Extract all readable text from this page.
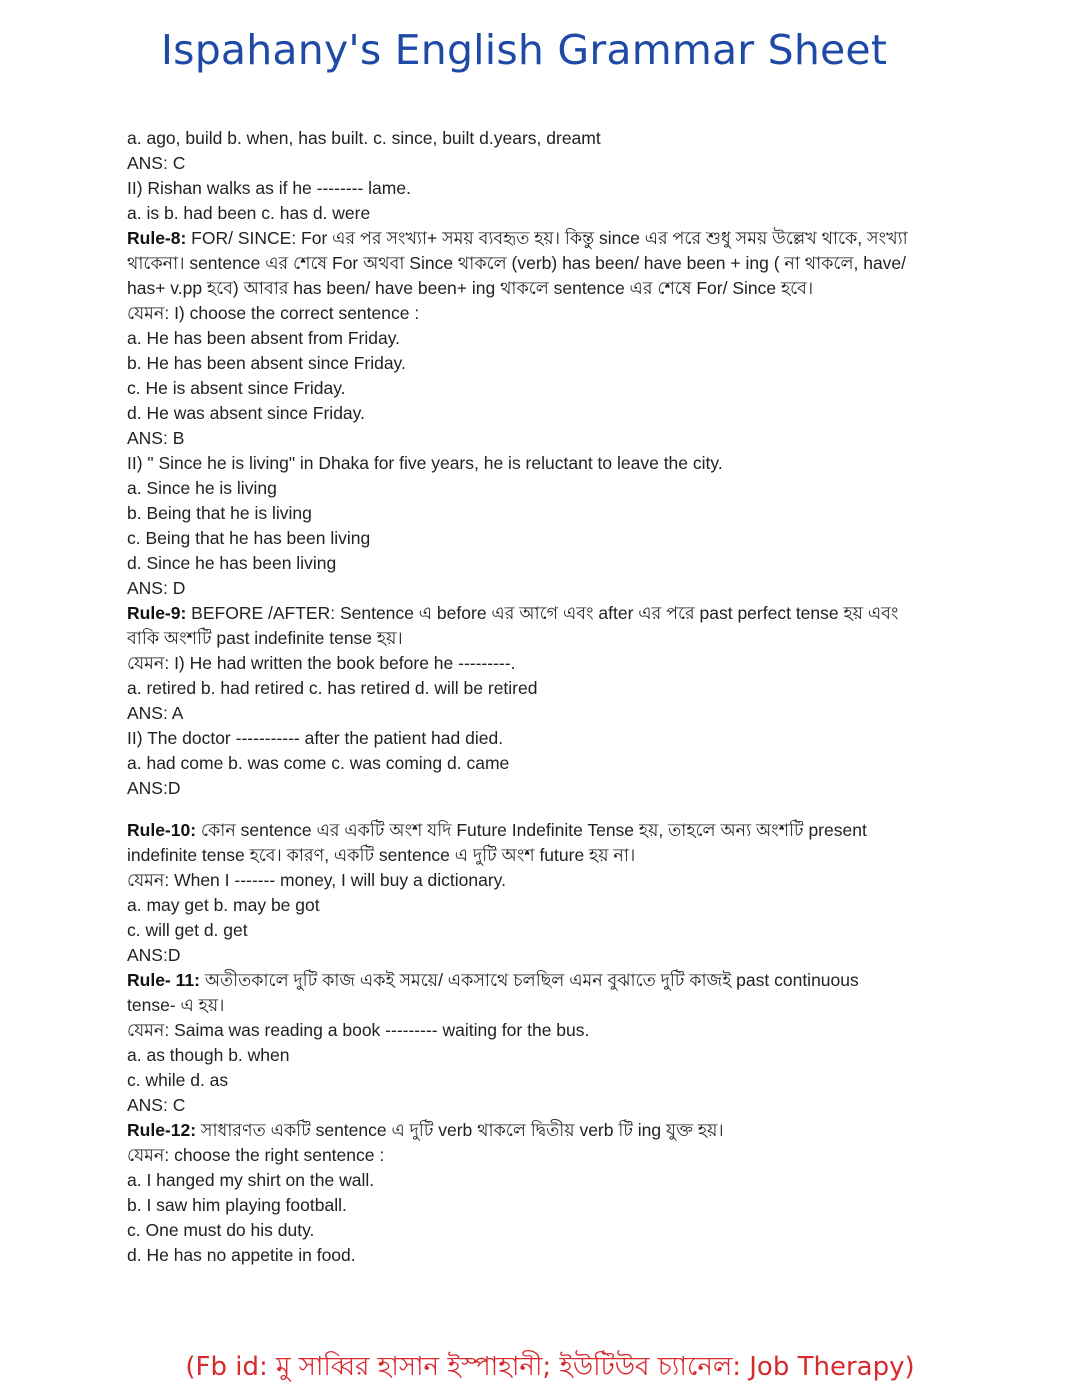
Ispahany's English Grammar Sheet
a. ago, build b. when, has built. c. since, built d.years, dreamt
ANS: C
II) Rishan walks as if he -------- lame.
a. is b. had been c. has d. were
Rule-8: FOR/ SINCE: For এর পর সংখ্যা+ সময় ব্যবহৃত হয়। কিন্তু since এর পরে শুধু সময় উল্লেখ থাকে, সংখ্যা
থাকেনা। sentence এর শেষে For অথবা Since থাকলে (verb) has been/ have been + ing ( না থাকলে, have/
has+ v.pp হবে) আবার has been/ have been+ ing থাকলে sentence এর শেষে For/ Since হবে।
যেমন: I) choose the correct sentence :
a. He has been absent from Friday.
b. He has been absent since Friday.
c. He is absent since Friday.
d. He was absent since Friday.
ANS: B
II) " Since he is living" in Dhaka for five years, he is reluctant to leave the city.
a. Since he is living
b. Being that he is living
c. Being that he has been living
d. Since he has been living
ANS: D
Rule-9: BEFORE /AFTER: Sentence এ before এর আগে এবং after এর পরে past perfect tense হয় এবং
বাকি অংশটি past indefinite tense হয়।
যেমন: I) He had written the book before he ---------.
a. retired b. had retired c. has retired d. will be retired
ANS: A
II) The doctor ----------- after the patient had died.
a. had come b. was come c. was coming d. came
ANS:D
Rule-10: কোন sentence এর একটি অংশ যদি Future Indefinite Tense হয়, তাহলে অন্য অংশটি present
indefinite tense হবে। কারণ, একটি sentence এ দুটি অংশ future হয় না।
যেমন: When I ------- money, I will buy a dictionary.
a. may get b. may be got
c. will get d. get
ANS:D
Rule- 11: অতীতকালে দুটি কাজ একই সময়ে/ একসাথে চলছিল এমন বুঝাতে দুটি কাজই past continuous
tense- এ হয়।
যেমন: Saima was reading a book --------- waiting for the bus.
a. as though b. when
c. while d. as
ANS: C
Rule-12: সাধারণত একটি sentence এ দুটি verb থাকলে দ্বিতীয় verb টি ing যুক্ত হয়।
যেমন: choose the right sentence :
a. I hanged my shirt on the wall.
b. I saw him playing football.
c. One must do his duty.
d. He has no appetite in food.
(Fb id: মু সাব্বির হাসান ইস্পাহানী; ইউটিউব চ্যানেল: Job Therapy)
